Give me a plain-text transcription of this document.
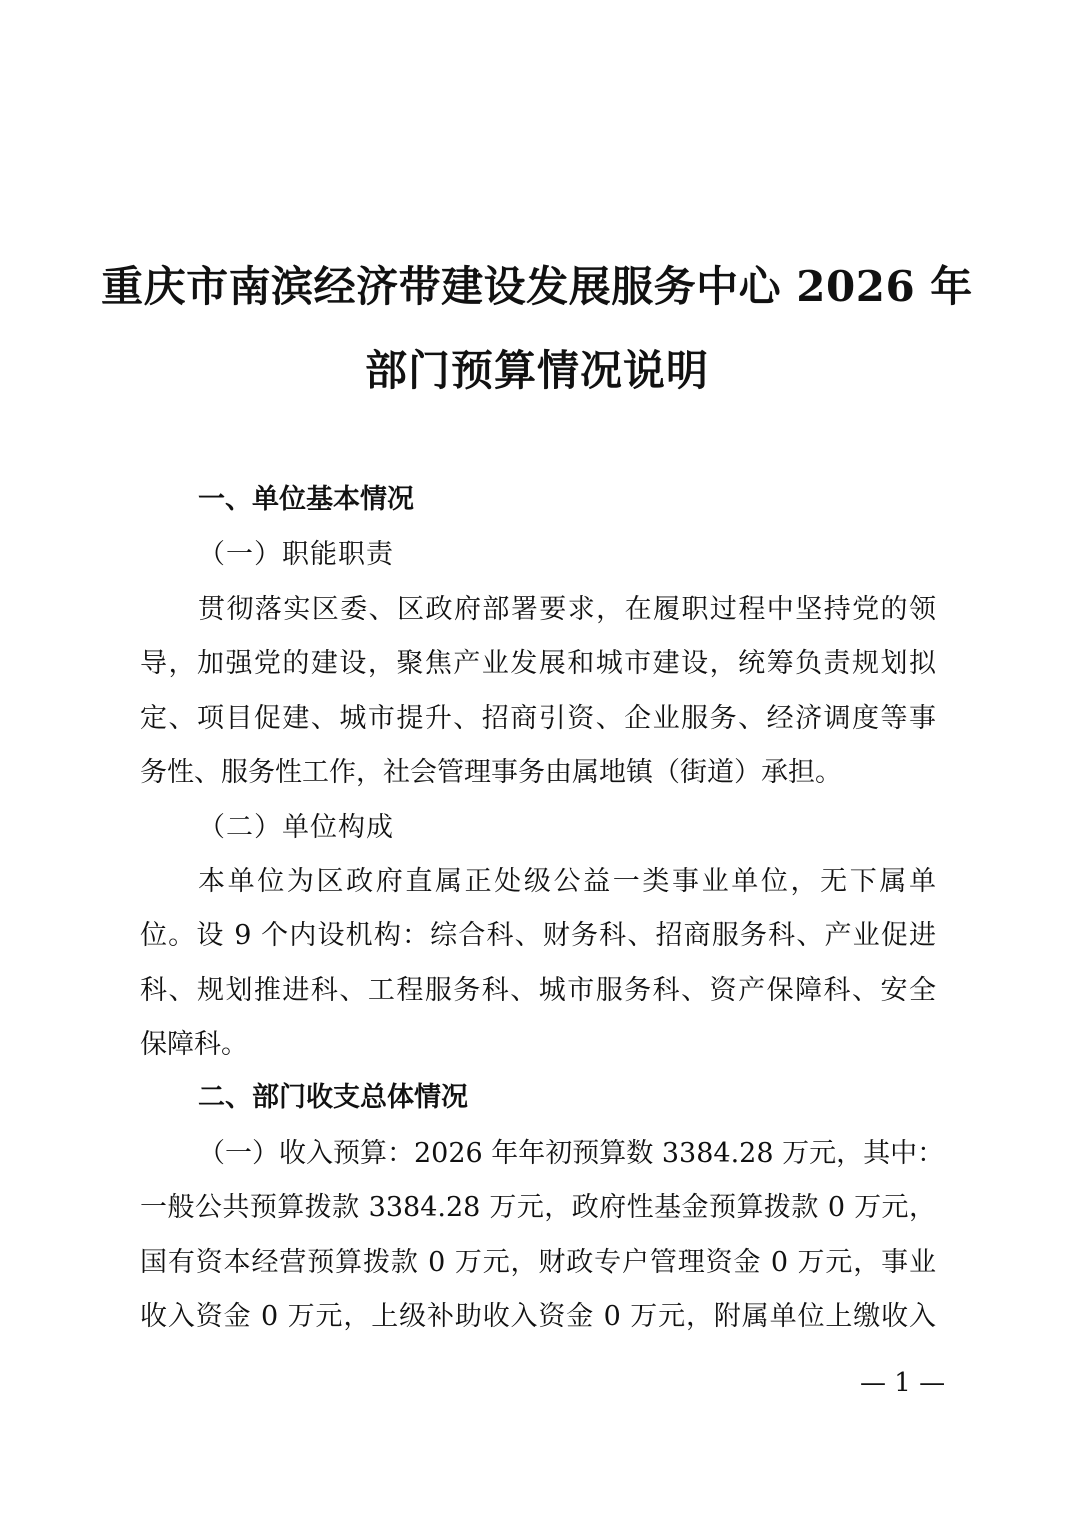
重庆市南滨经济带建设发展服务中心 2026 年
部门预算情况说明
一、单位基本情况
（一）职能职责
贯彻落实区委、区政府部署要求，在履职过程中坚持党的领
导，加强党的建设，聚焦产业发展和城市建设，统筹负责规划拟
定、项目促建、城市提升、招商引资、企业服务、经济调度等事
务性、服务性工作，社会管理事务由属地镇（街道）承担。
（二）单位构成
本单位为区政府直属正处级公益一类事业单位，无下属单
位。设 9 个内设机构：综合科、财务科、招商服务科、产业促进
科、规划推进科、工程服务科、城市服务科、资产保障科、安全
保障科。
二、部门收支总体情况
（一）收入预算：2026 年年初预算数 3384.28 万元，其中：
一般公共预算拨款 3384.28 万元，政府性基金预算拨款 0 万元，
国有资本经营预算拨款 0 万元，财政专户管理资金 0 万元，事业
收入资金 0 万元，上级补助收入资金 0 万元，附属单位上缴收入
— 1 —
